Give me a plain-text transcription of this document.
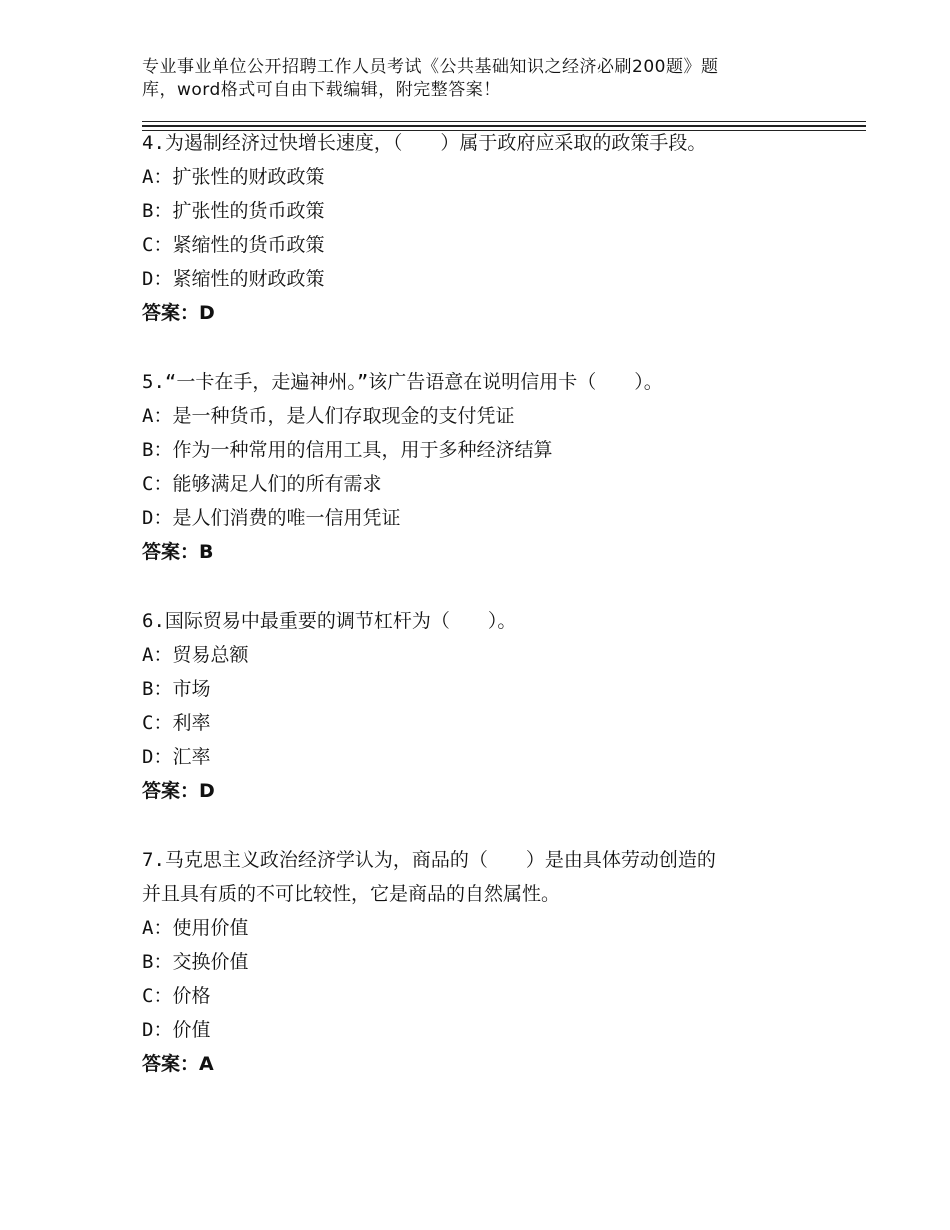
专业事业单位公开招聘工作人员考试《公共基础知识之经济必刷200题》题
库，word格式可自由下载编辑，附完整答案！
4.为遏制经济过快增长速度，（　　）属于政府应采取的政策手段。
A：扩张性的财政政策
B：扩张性的货币政策
C：紧缩性的货币政策
D：紧缩性的财政政策
答案：D
5.“一卡在手，走遍神州。”该广告语意在说明信用卡（　　）。
A：是一种货币，是人们存取现金的支付凭证
B：作为一种常用的信用工具，用于多种经济结算
C：能够满足人们的所有需求
D：是人们消费的唯一信用凭证
答案：B
6.国际贸易中最重要的调节杠杆为（　　）。
A：贸易总额
B：市场
C：利率
D：汇率
答案：D
7.马克思主义政治经济学认为，商品的（　　）是由具体劳动创造的
并且具有质的不可比较性，它是商品的自然属性。
A：使用价值
B：交换价值
C：价格
D：价值
答案：A
